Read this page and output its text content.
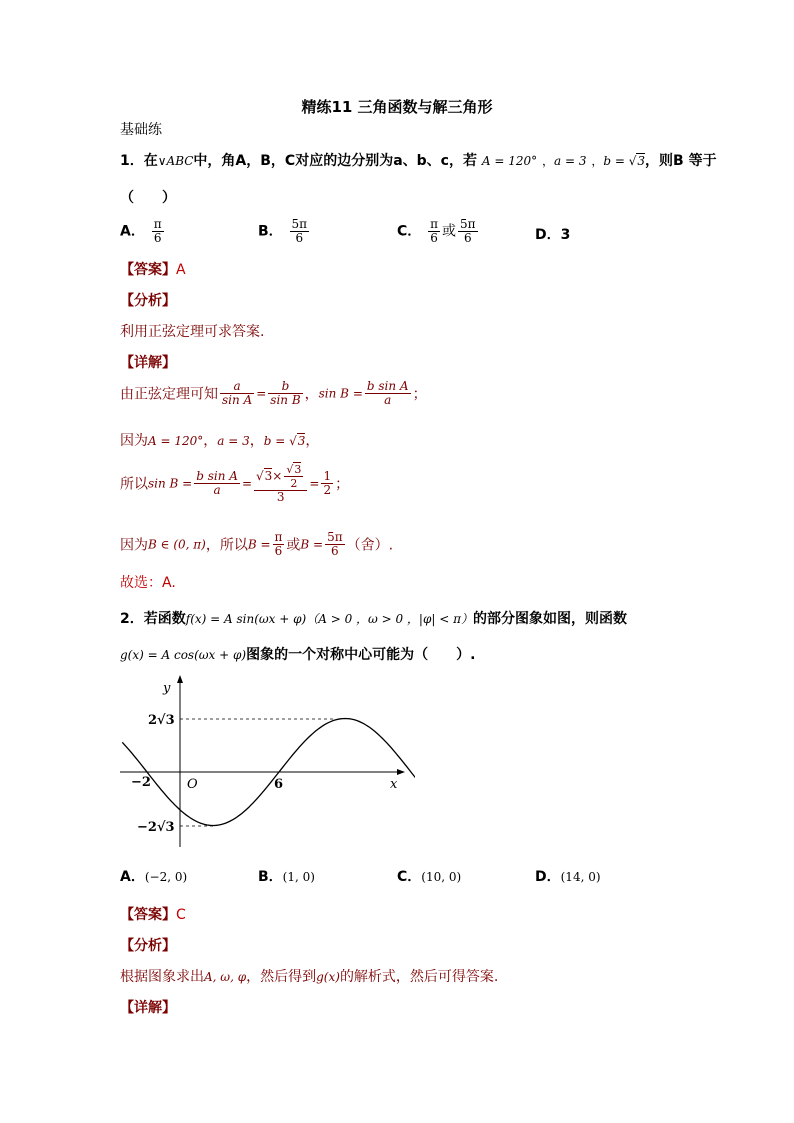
精练11 三角函数与解三角形
基础练
1．在∨ABC中，角A，B，C对应的边分别为a、b、c，若 A = 120° ，a = 3 ，b = √3，则B 等于
（　　）
A． $\frac{\pi}{6}$	B． $\frac{5\pi}{6}$	C． $\frac{\pi}{6}$ 或 $\frac{5\pi}{6}$	D．3
【答案】A
【分析】
利用正弦定理可求答案.
【详解】
由正弦定理可知 $\frac{a}{\text{sin A}} = \frac{b}{\text{sin B}}$ ，$\sin B = \frac{\text{b sin A}}{a}$ ；
因为A = 120°，a = 3，b = √3，
所以$\sin B = \frac{\text{b sin A}}{a} = \frac{√3\times \frac{√3}{2}}{3} = \frac{1}{2}$ ；
因为B ∈ (0, π)，所以$B = \frac{\pi}{6}$ 或$B = \frac{5\pi}{6}$ （舍）.
故选：A.
2．若函数f(x) = A sin(ωx + φ)（A > 0 ，ω > 0 ，|φ| < π）的部分图象如图，则函数
g(x) = A cos(ωx + φ)图象的一个对称中心可能为（　　）.
y
x
O
−2	6
2√3
−2√3
A．(−2, 0)	B．(1, 0)	C．(10, 0)	D．(14, 0)
【答案】C
【分析】
根据图象求出A, ω, φ，然后得到g(x)的解析式，然后可得答案.
【详解】
